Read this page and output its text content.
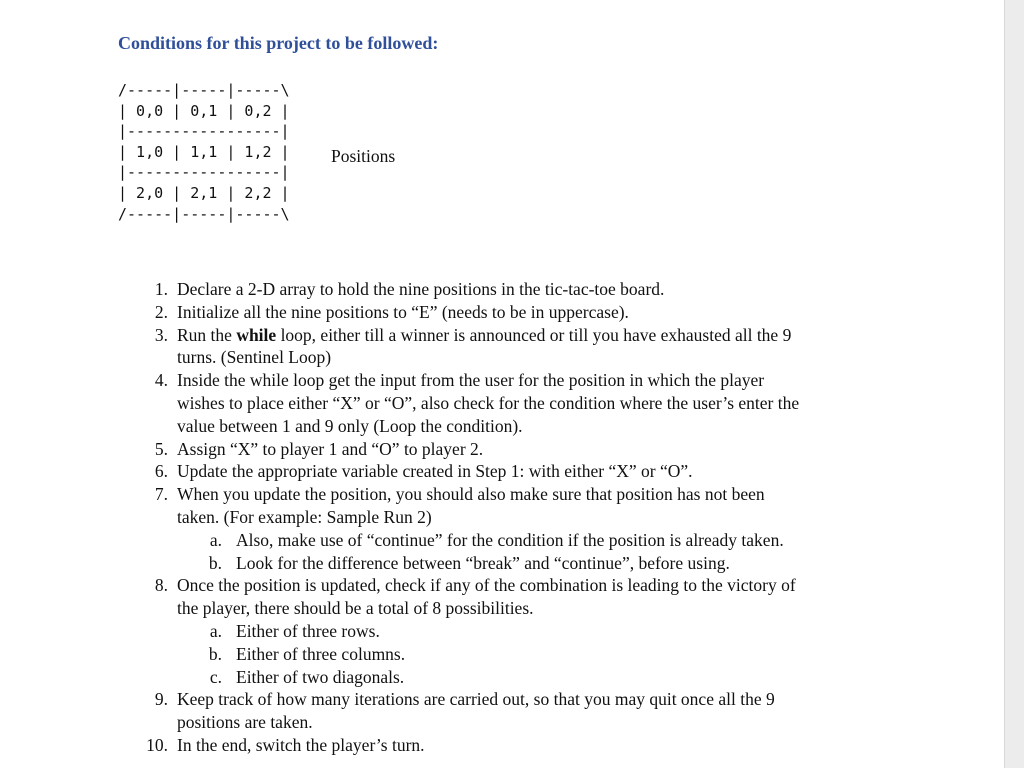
Conditions for this project to be followed:
/-----|-----|-----\
| 0,0 | 0,1 | 0,2 |
|-----------------|
| 1,0 | 1,1 | 1,2 |
|-----------------|
| 2,0 | 2,1 | 2,2 |
/-----|-----|-----\
Positions
1. Declare a 2-D array to hold the nine positions in the tic-tac-toe board.
2. Initialize all the nine positions to “E” (needs to be in uppercase).
3. Run the while loop, either till a winner is announced or till you have exhausted all the 9
turns. (Sentinel Loop)
4. Inside the while loop get the input from the user for the position in which the player
wishes to place either “X” or “O”, also check for the condition where the user’s enter the
value between 1 and 9 only (Loop the condition).
5. Assign “X” to player 1 and “O” to player 2.
6. Update the appropriate variable created in Step 1: with either “X” or “O”.
7. When you update the position, you should also make sure that position has not been
taken. (For example: Sample Run 2)
a. Also, make use of “continue” for the condition if the position is already taken.
b. Look for the difference between “break” and “continue”, before using.
8. Once the position is updated, check if any of the combination is leading to the victory of
the player, there should be a total of 8 possibilities.
a. Either of three rows.
b. Either of three columns.
c. Either of two diagonals.
9. Keep track of how many iterations are carried out, so that you may quit once all the 9
positions are taken.
10. In the end, switch the player’s turn.
